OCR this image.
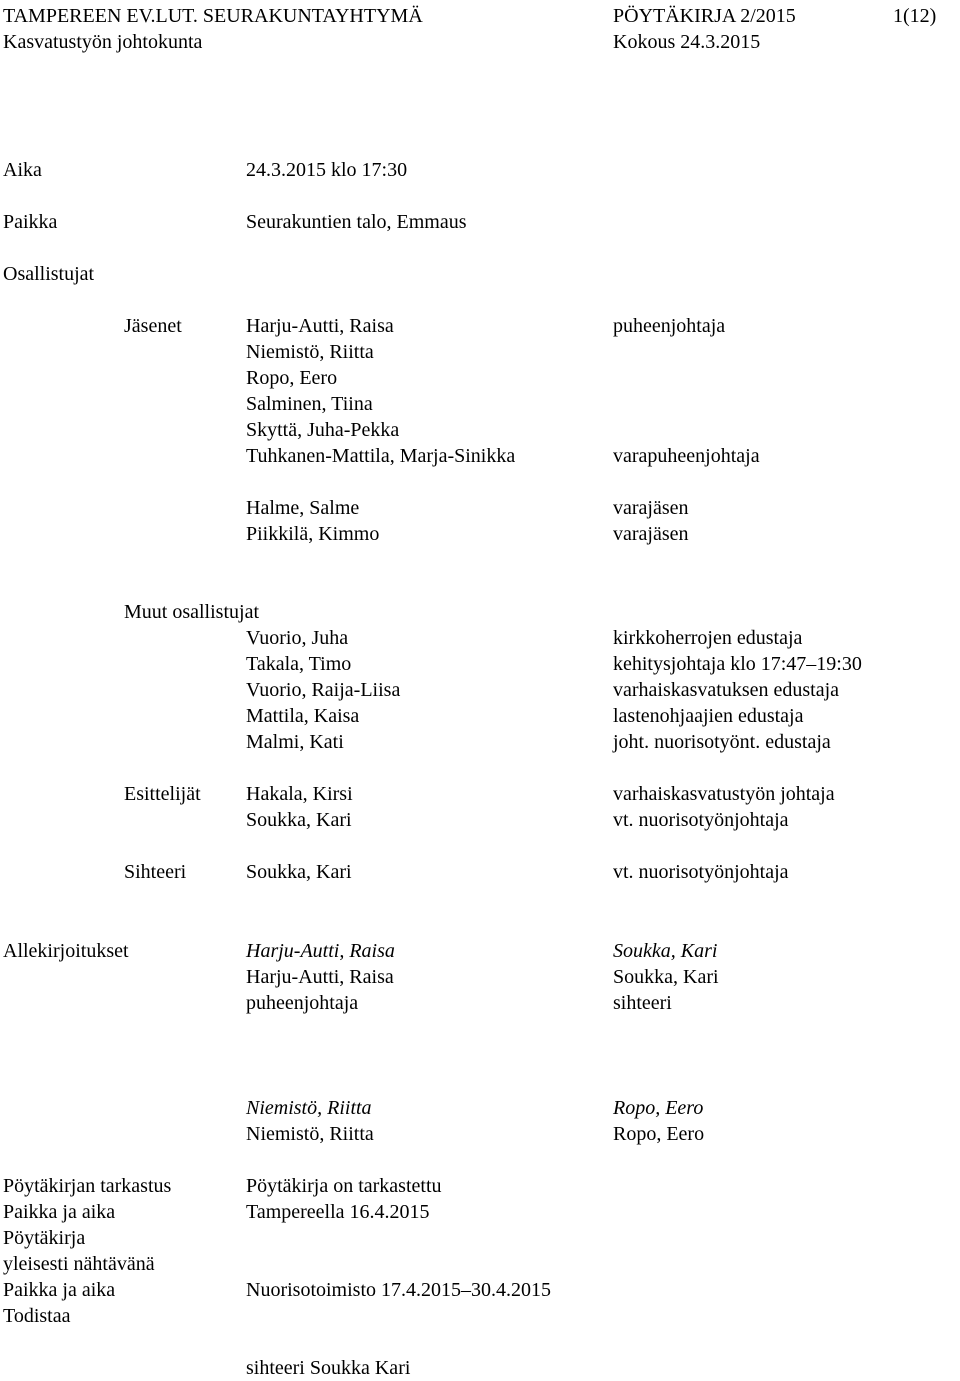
TAMPEREEN EV.LUT. SEURAKUNTAYHTYMÄ	PÖYTÄKIRJA 2/2015	1(12)
Kasvatustyön johtokunta	Kokous 24.3.2015
Aika	24.3.2015 klo 17:30
Paikka	Seurakuntien talo, Emmaus
Osallistujat
Jäsenet	Harju-Autti, Raisa	puheenjohtaja
Niemistö, Riitta
Ropo, Eero
Salminen, Tiina
Skyttä, Juha-Pekka
Tuhkanen-Mattila, Marja-Sinikka	varapuheenjohtaja
Halme, Salme	varajäsen
Piikkilä, Kimmo	varajäsen
Muut osallistujat
Vuorio, Juha	kirkkoherrojen edustaja
Takala, Timo	kehitysjohtaja klo 17:47–19:30
Vuorio, Raija-Liisa	varhaiskasvatuksen edustaja
Mattila, Kaisa	lastenohjaajien edustaja
Malmi, Kati	joht. nuorisotyönt. edustaja
Esittelijät Hakala, Kirsi	varhaiskasvatustyön johtaja
Soukka, Kari	vt. nuorisotyönjohtaja
Sihteeri	Soukka, Kari	vt. nuorisotyönjohtaja
Allekirjoitukset	Harju-Autti, Raisa	Soukka, Kari
Harju-Autti, Raisa	Soukka, Kari
puheenjohtaja	sihteeri
Niemistö, Riitta	Ropo, Eero
Niemistö, Riitta	Ropo, Eero
Pöytäkirjan tarkastus	Pöytäkirja on tarkastettu
Paikka ja aika	Tampereella 16.4.2015
Pöytäkirja
yleisesti nähtävänä
Paikka ja aika	Nuorisotoimisto 17.4.2015–30.4.2015
Todistaa
sihteeri Soukka Kari
